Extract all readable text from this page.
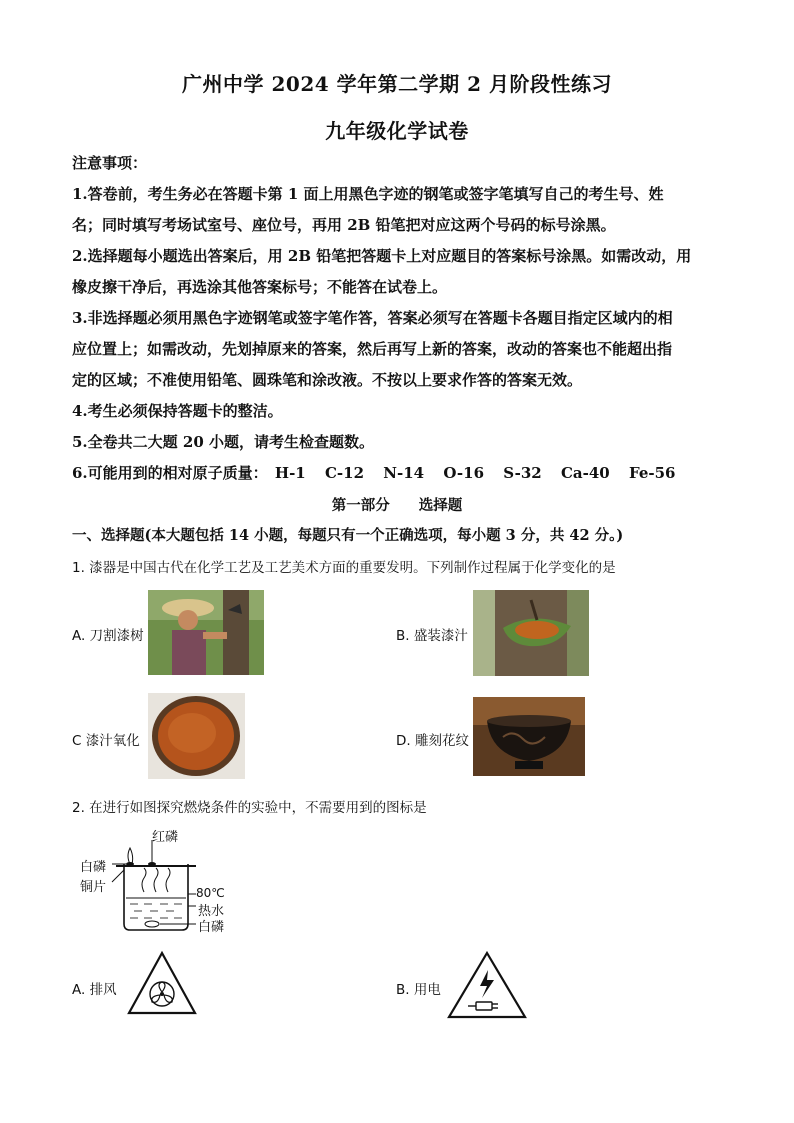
广州中学 2024 学年第二学期 2 月阶段性练习
九年级化学试卷
注意事项：
1.答卷前，考生务必在答题卡第 1 面上用黑色字迹的钢笔或签字笔填写自己的考生号、姓
名；同时填写考场试室号、座位号，再用 2B 铅笔把对应这两个号码的标号涂黑。
2.选择题每小题选出答案后，用 2B 铅笔把答题卡上对应题目的答案标号涂黑。如需改动，用
橡皮擦干净后，再选涂其他答案标号；不能答在试卷上。
3.非选择题必须用黑色字迹钢笔或签字笔作答，答案必须写在答题卡各题目指定区域内的相
应位置上；如需改动，先划掉原来的答案，然后再写上新的答案，改动的答案也不能超出指
定的区域；不准使用铅笔、圆珠笔和涂改液。不按以上要求作答的答案无效。
4.考生必须保持答题卡的整洁。
5.全卷共二大题 20 小题，请考生检查题数。
6.可能用到的相对原子质量： H-1 C-12 N-14 O-16 S-32 Ca-40 Fe-56
第一部分　　选择题
一、选择题(本大题包括 14 小题，每题只有一个正确选项，每小题 3 分，共 42 分。)
1. 漆器是中国古代在化学工艺及工艺美术方面的重要发明。下列制作过程属于化学变化的是
A. 刀割漆树	B. 盛装漆汁
C 漆汁氧化	D. 雕刻花纹
2. 在进行如图探究燃烧条件的实验中，不需要用到的图标是
红磷
白磷
铜片	80℃
热水
白磷
A. 排风	B. 用电
